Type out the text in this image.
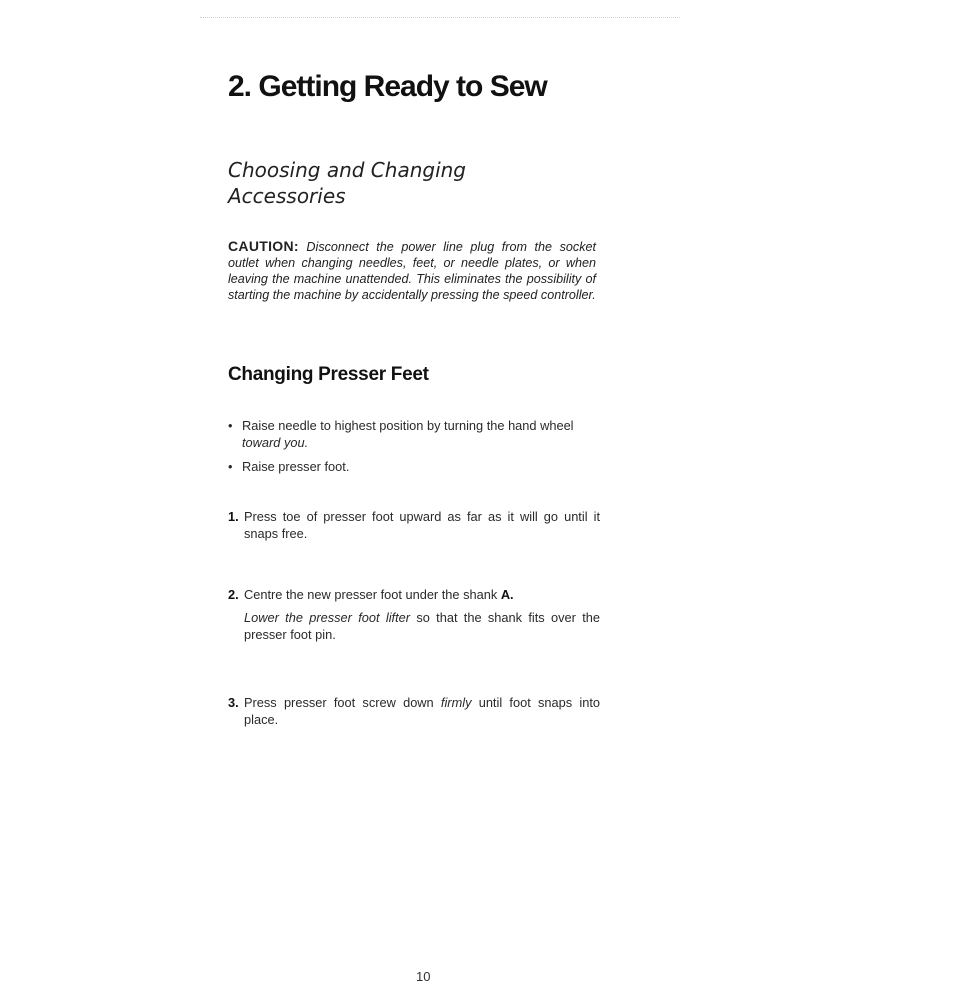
2. Getting Ready to Sew
Choosing and Changing
Accessories

CAUTION: Disconnect the power line plug from the socket outlet when changing needles, feet, or needle plates, or when leaving the machine unattended. This eliminates the possibility of starting the machine by accidentally pressing the speed controller.

Changing Presser Feet
• Raise needle to highest position by turning the hand wheel toward you.
• Raise presser foot.
1. Press toe of presser foot upward as far as it will go until it snaps free.
2. Centre the new presser foot under the shank A.
Lower the presser foot lifter so that the shank fits over the presser foot pin.
3. Press presser foot screw down firmly until foot snaps into place.
10
